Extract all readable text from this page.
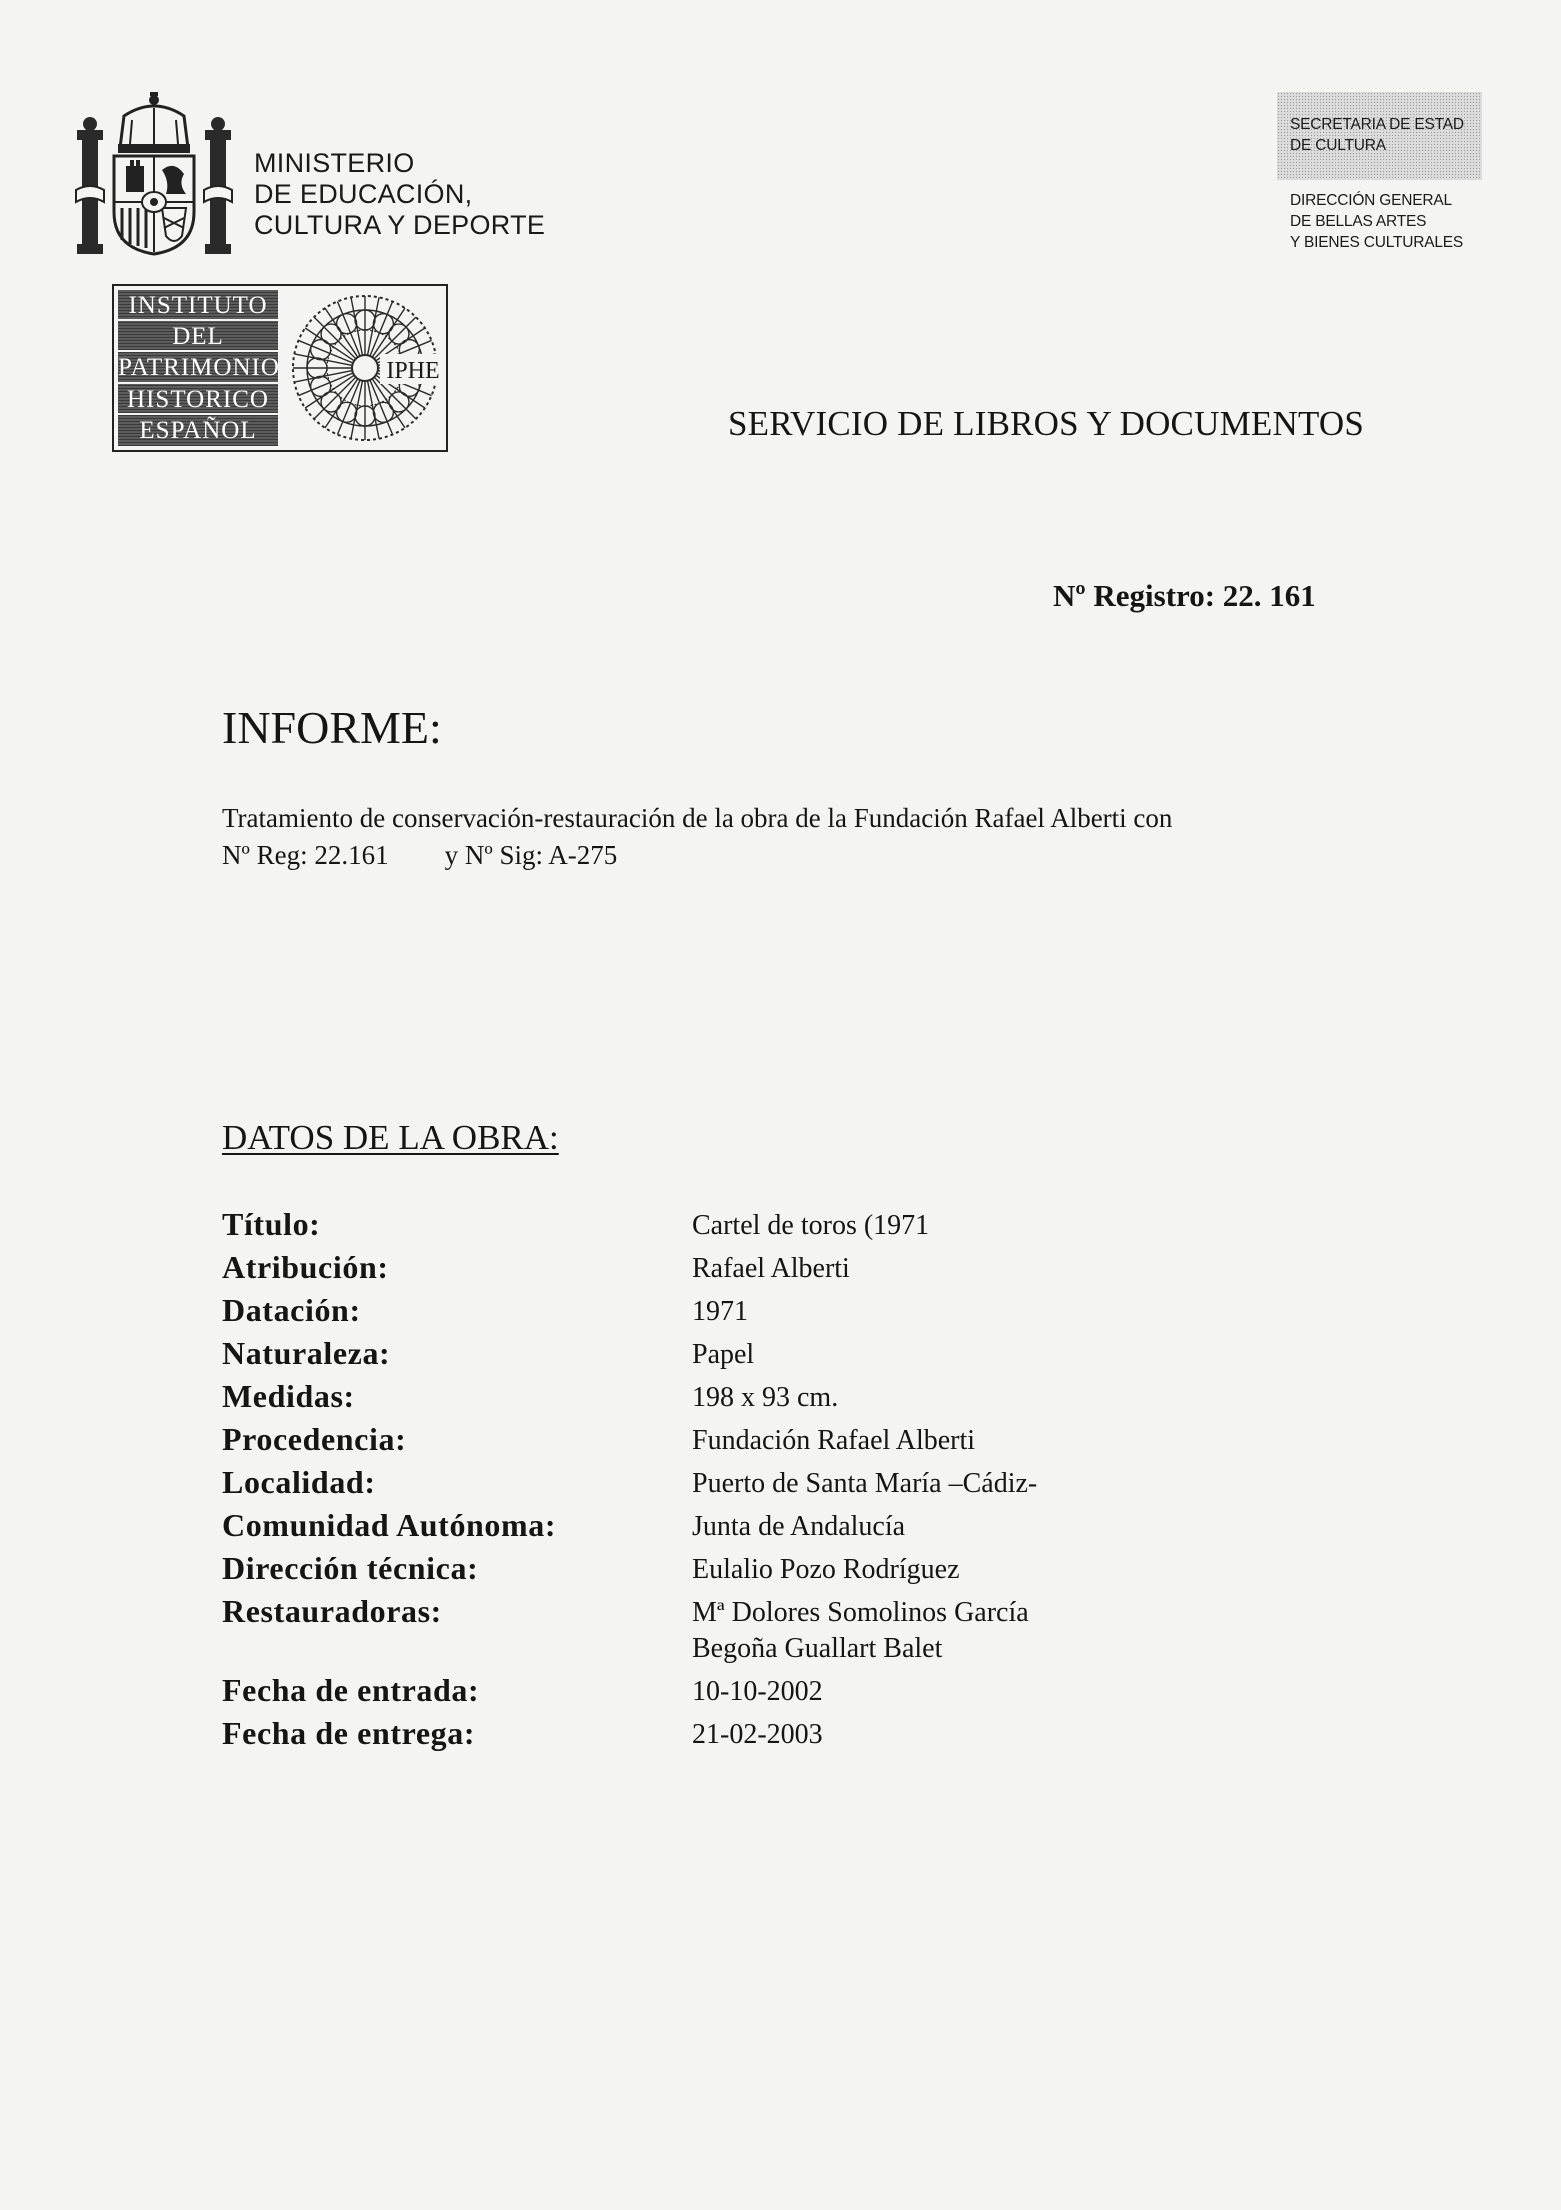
MINISTERIO
DE EDUCACIÓN,
CULTURA Y DEPORTE
SECRETARIA DE ESTAD
DE CULTURA
DIRECCIÓN GENERAL
DE BELLAS ARTES
Y BIENES CULTURALES
INSTITUTO
DEL
PATRIMONIO
HISTORICO
ESPAÑOL
IPHE
SERVICIO DE LIBROS Y DOCUMENTOS
Nº Registro: 22. 161
INFORME:
Tratamiento de conservación-restauración de la obra de la Fundación Rafael Alberti con
Nº Reg: 22.161 y Nº Sig: A-275
DATOS DE LA OBRA:
Título:	Cartel de toros (1971
Atribución:	Rafael Alberti
Datación:	1971
Naturaleza:	Papel
Medidas:	198 x 93 cm.
Procedencia:	Fundación Rafael Alberti
Localidad:	Puerto de Santa María –Cádiz-
Comunidad Autónoma:	Junta de Andalucía
Dirección técnica:	Eulalio Pozo Rodríguez
Restauradoras:	Mª Dolores Somolinos García
Begoña Guallart Balet
Fecha de entrada:	10-10-2002
Fecha de entrega:	21-02-2003
